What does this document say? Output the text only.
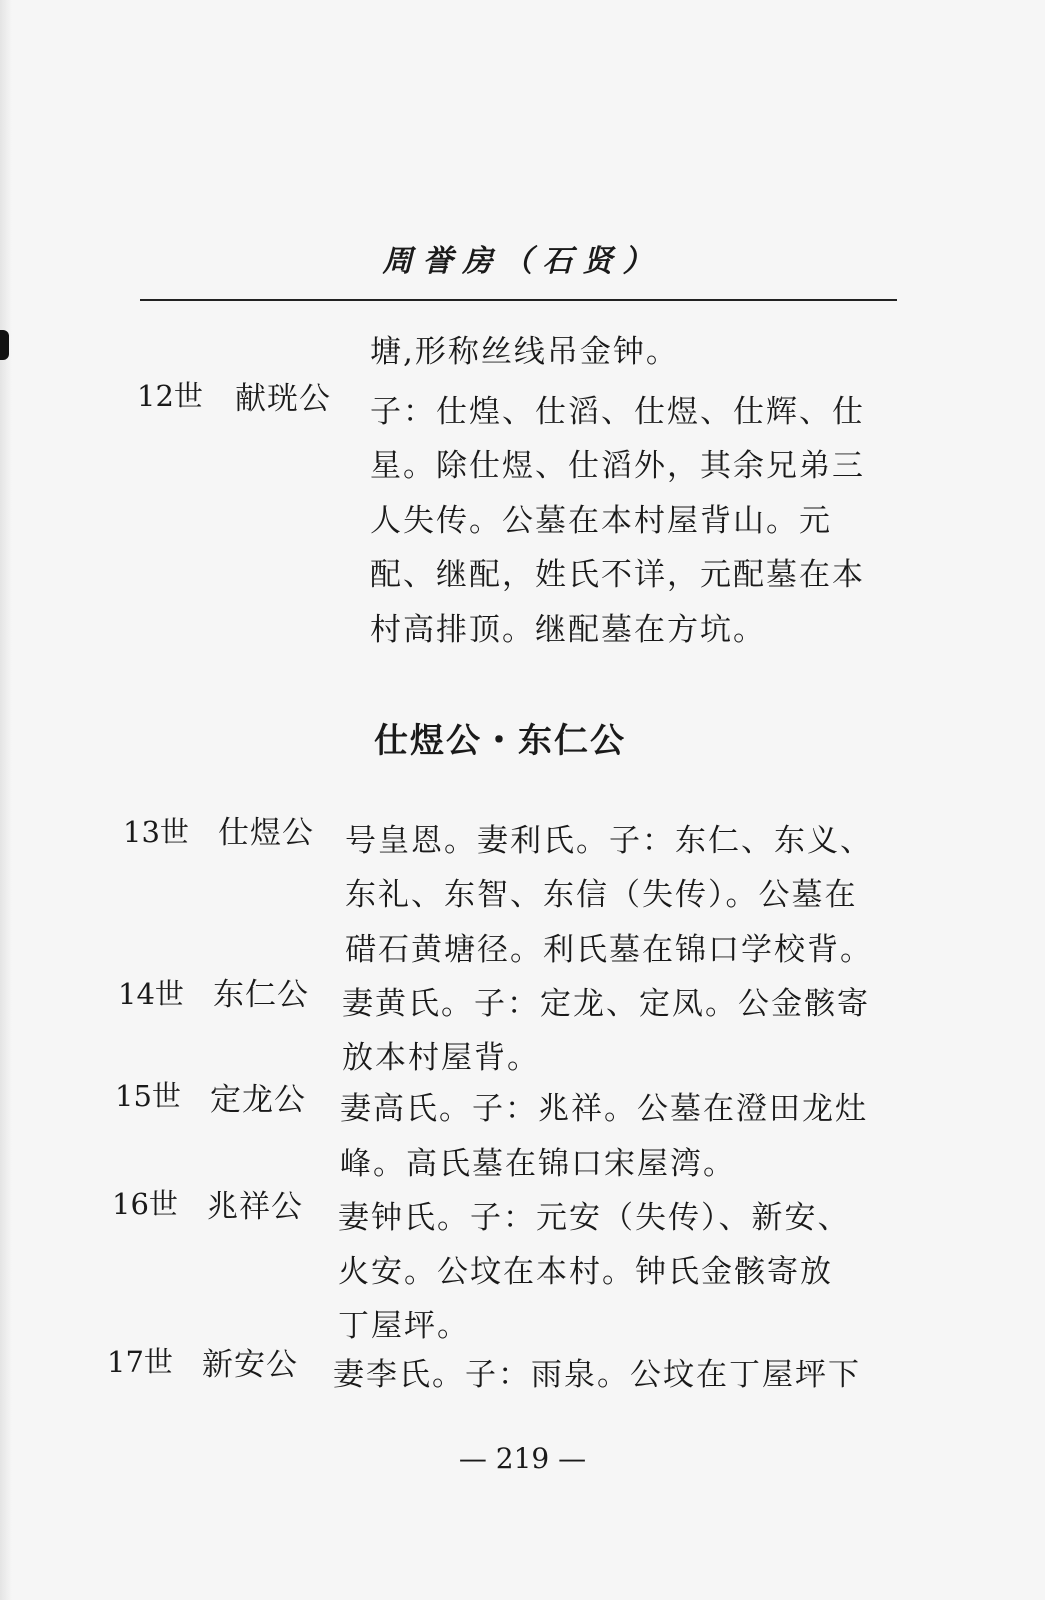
周誉房（石贤）
塘,形称丝线吊金钟。
12世 献珖公 子：仕煌、仕滔、仕煜、仕辉、仕
星。除仕煜、仕滔外，其余兄弟三
人失传。公墓在本村屋背山。元
配、继配，姓氏不详，元配墓在本
村高排顶。继配墓在方坑。
仕煜公・东仁公
13世 仕煜公 号皇恩。妻利氏。子：东仁、东义、
东礼、东智、东信（失传）。公墓在
碏石黄塘径。利氏墓在锦口学校背。
14世 东仁公 妻黄氏。子：定龙、定凤。公金骸寄
放本村屋背。
15世 定龙公 妻高氏。子：兆祥。公墓在澄田龙灶
峰。高氏墓在锦口宋屋湾。
16世 兆祥公 妻钟氏。子：元安（失传）、新安、
火安。公坟在本村。钟氏金骸寄放
丁屋坪。
17世 新安公 妻李氏。子：雨泉。公坟在丁屋坪下
— 219 —
